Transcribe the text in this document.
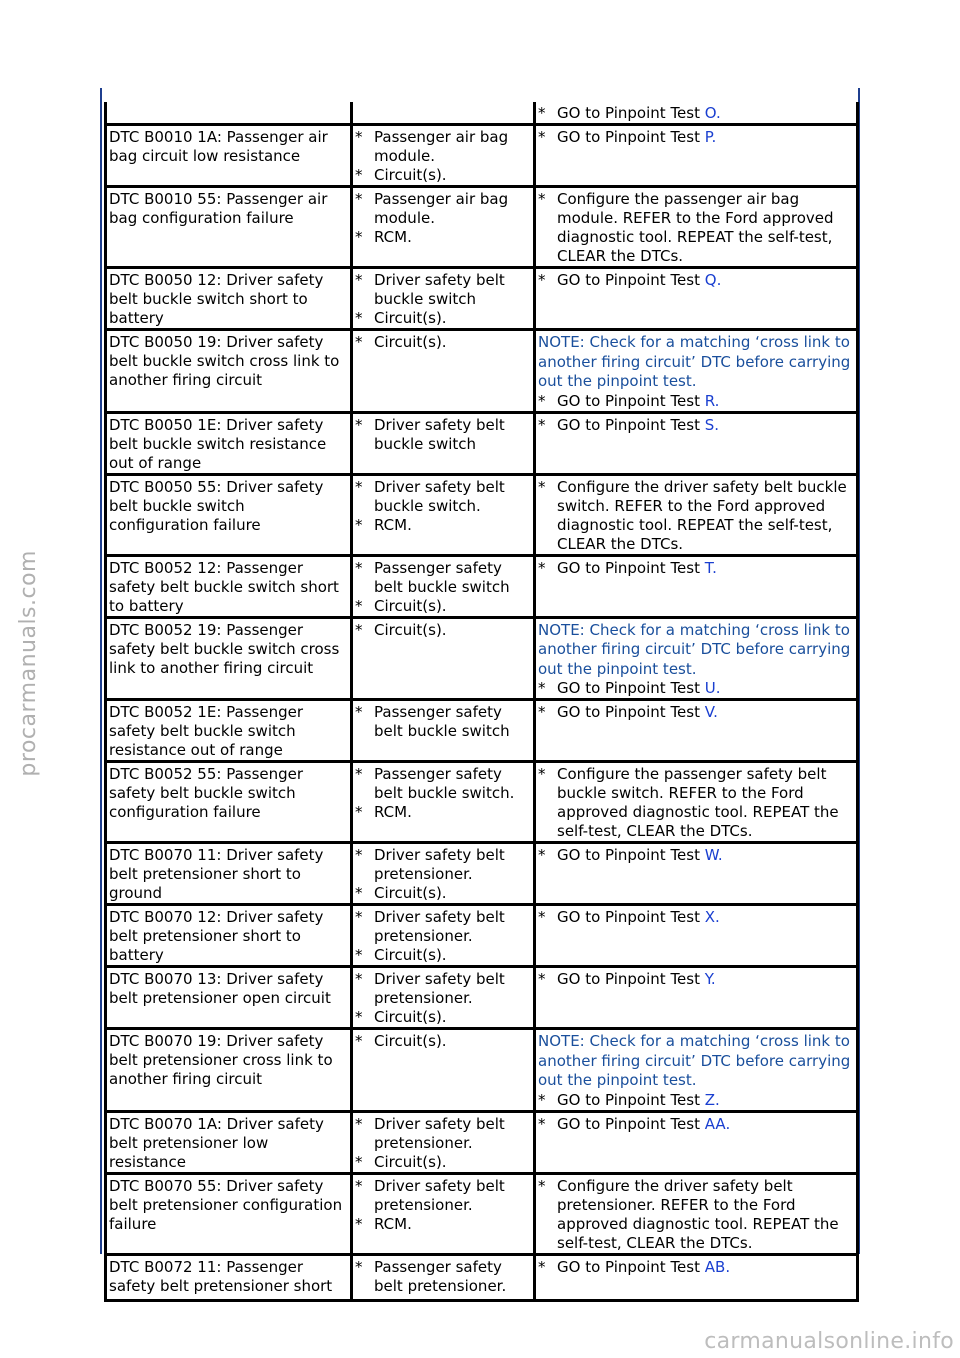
procarmanuals.com

		* GO to Pinpoint Test O.

DTC B0010 1A: Passenger air bag circuit low resistance	* Passenger air bag module.
* Circuit(s).	* GO to Pinpoint Test P.

DTC B0010 55: Passenger air bag configuration failure	* Passenger air bag module.
* RCM.	* Configure the passenger air bag module. REFER to the Ford approved diagnostic tool. REPEAT the self-test, CLEAR the DTCs.

DTC B0050 12: Driver safety belt buckle switch short to battery	* Driver safety belt buckle switch
* Circuit(s).	* GO to Pinpoint Test Q.

DTC B0050 19: Driver safety belt buckle switch cross link to another firing circuit	* Circuit(s).	NOTE: Check for a matching ‘cross link to another firing circuit’ DTC before carrying out the pinpoint test.
* GO to Pinpoint Test R.

DTC B0050 1E: Driver safety belt buckle switch resistance out of range	* Driver safety belt buckle switch	* GO to Pinpoint Test S.

DTC B0050 55: Driver safety belt buckle switch configuration failure	* Driver safety belt buckle switch.
* RCM.	* Configure the driver safety belt buckle switch. REFER to the Ford approved diagnostic tool. REPEAT the self-test, CLEAR the DTCs.

DTC B0052 12: Passenger safety belt buckle switch short to battery	* Passenger safety belt buckle switch
* Circuit(s).	* GO to Pinpoint Test T.

DTC B0052 19: Passenger safety belt buckle switch cross link to another firing circuit	* Circuit(s).	NOTE: Check for a matching ‘cross link to another firing circuit’ DTC before carrying out the pinpoint test.
* GO to Pinpoint Test U.

DTC B0052 1E: Passenger safety belt buckle switch resistance out of range	* Passenger safety belt buckle switch	* GO to Pinpoint Test V.

DTC B0052 55: Passenger safety belt buckle switch configuration failure	* Passenger safety belt buckle switch.
* RCM.	* Configure the passenger safety belt buckle switch. REFER to the Ford approved diagnostic tool. REPEAT the self-test, CLEAR the DTCs.

DTC B0070 11: Driver safety belt pretensioner short to ground	* Driver safety belt pretensioner.
* Circuit(s).	* GO to Pinpoint Test W.

DTC B0070 12: Driver safety belt pretensioner short to battery	* Driver safety belt pretensioner.
* Circuit(s).	* GO to Pinpoint Test X.

DTC B0070 13: Driver safety belt pretensioner open circuit	* Driver safety belt pretensioner.
* Circuit(s).	* GO to Pinpoint Test Y.

DTC B0070 19: Driver safety belt pretensioner cross link to another firing circuit	* Circuit(s).	NOTE: Check for a matching ‘cross link to another firing circuit’ DTC before carrying out the pinpoint test.
* GO to Pinpoint Test Z.

DTC B0070 1A: Driver safety belt pretensioner low resistance	* Driver safety belt pretensioner.
* Circuit(s).	* GO to Pinpoint Test AA.

DTC B0070 55: Driver safety belt pretensioner configuration failure	* Driver safety belt pretensioner.
* RCM.	* Configure the driver safety belt pretensioner. REFER to the Ford approved diagnostic tool. REPEAT the self-test, CLEAR the DTCs.

DTC B0072 11: Passenger safety belt pretensioner short	* Passenger safety belt pretensioner.	* GO to Pinpoint Test AB.
carmanualsonline.info
